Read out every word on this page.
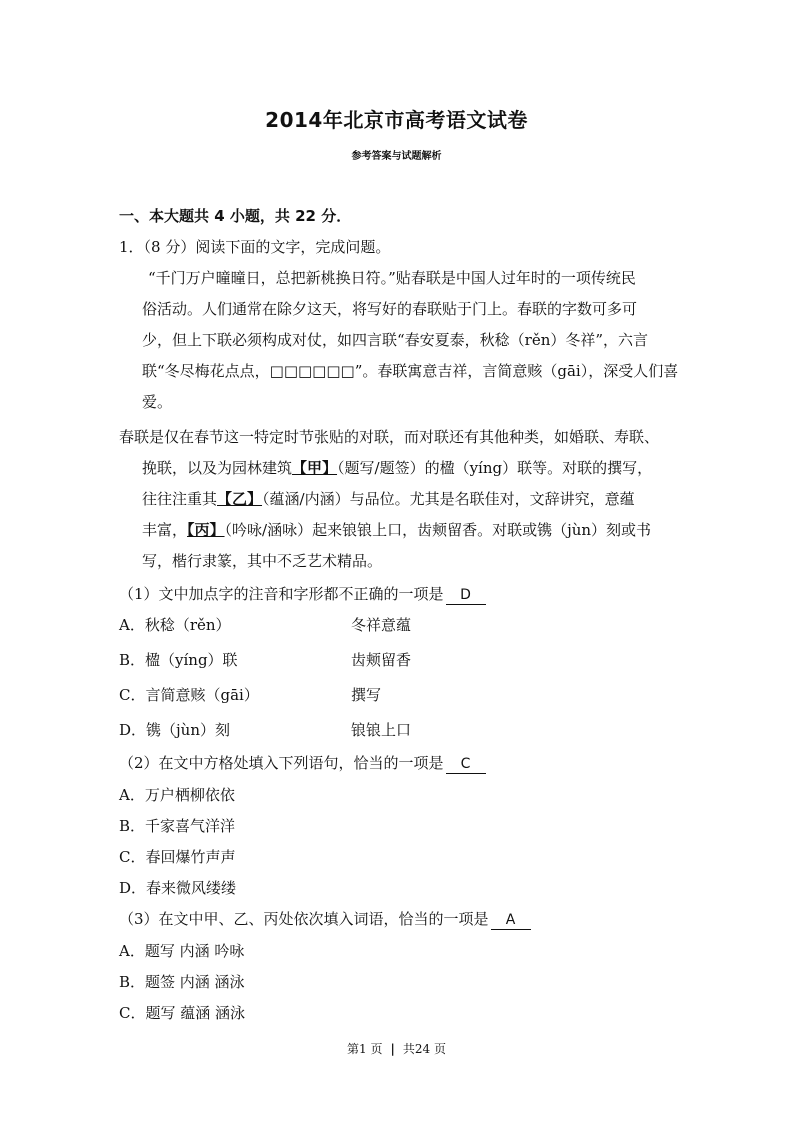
2014年北京市高考语文试卷
参考答案与试题解析
一、本大题共 4 小题，共 22 分．
1．（8 分）阅读下面的文字，完成问题。
“千门万户曈曈日，总把新桃换日符。”贴春联是中国人过年时的一项传统民
俗活动。人们通常在除夕这天，将写好的春联贴于门上。春联的字数可多可
少，但上下联必须构成对仗，如四言联“春安夏泰，秋稔（rěn）冬祥”，六言
联“冬尽梅花点点，□□□□□□”。春联寓意吉祥，言简意赅（gāi），深受人们喜
爱。
春联是仅在春节这一特定时节张贴的对联，而对联还有其他种类，如婚联、寿联、
挽联，以及为园林建筑【甲】（题写/题签）的楹（yíng）联等。对联的撰写，
往往注重其【乙】（蕴涵/内涵）与品位。尤其是名联佳对，文辞讲究，意蕴
丰富，【丙】（吟咏/涵咏）起来锒锒上口，齿颊留香。对联或镌（jùn）刻或书
写，楷行隶篆，其中不乏艺术精品。
（1）文中加点字的注音和字形都不正确的一项是 D
A．秋稔（rěn）	冬祥意蕴
B．楹（yíng）联	齿颊留香
C．言简意赅（gāi）	撰写
D．镌（jùn）刻	锒锒上口
（2）在文中方格处填入下列语句，恰当的一项是 C
A．万户栖柳依依
B．千家喜气洋洋
C．春回爆竹声声
D．春来微风缕缕
（3）在文中甲、乙、丙处依次填入词语，恰当的一项是 A
A．题写 内涵 吟咏
B．题签 内涵 涵泳
C．题写 蕴涵 涵泳
第1 页 | 共24 页
